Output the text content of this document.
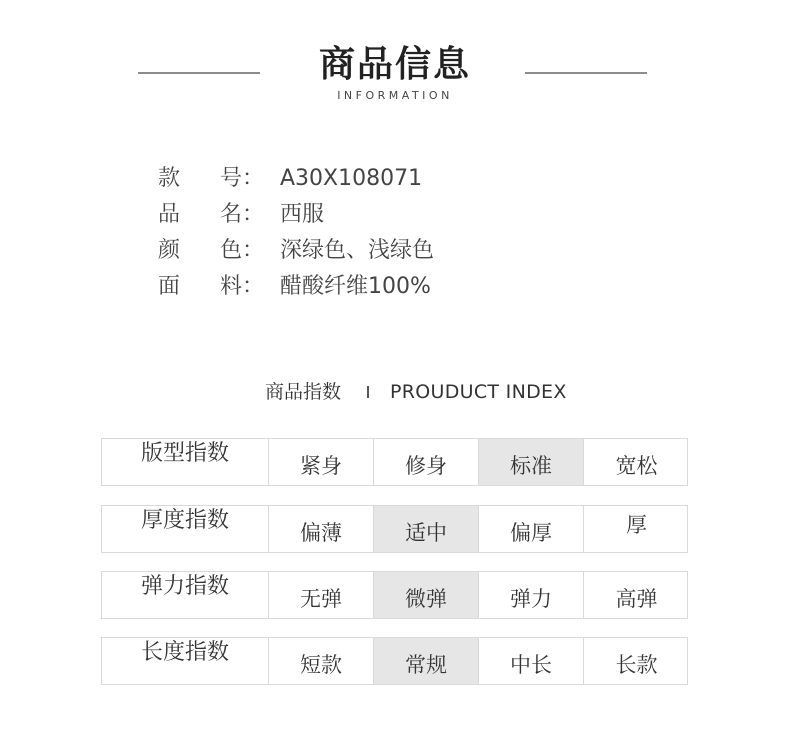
商品信息
INFORMATION
款 号： A30X108071
品 名： 西服
颜 色： 深绿色、浅绿色
面 料： 醋酸纤维100%
商品指数	PROUDUCT INDEX
版型指数	紧身	修身	标准	宽松
厚度指数	偏薄	适中	偏厚	厚
弹力指数	无弹	微弹	弹力	高弹
长度指数	短款	常规	中长	长款
